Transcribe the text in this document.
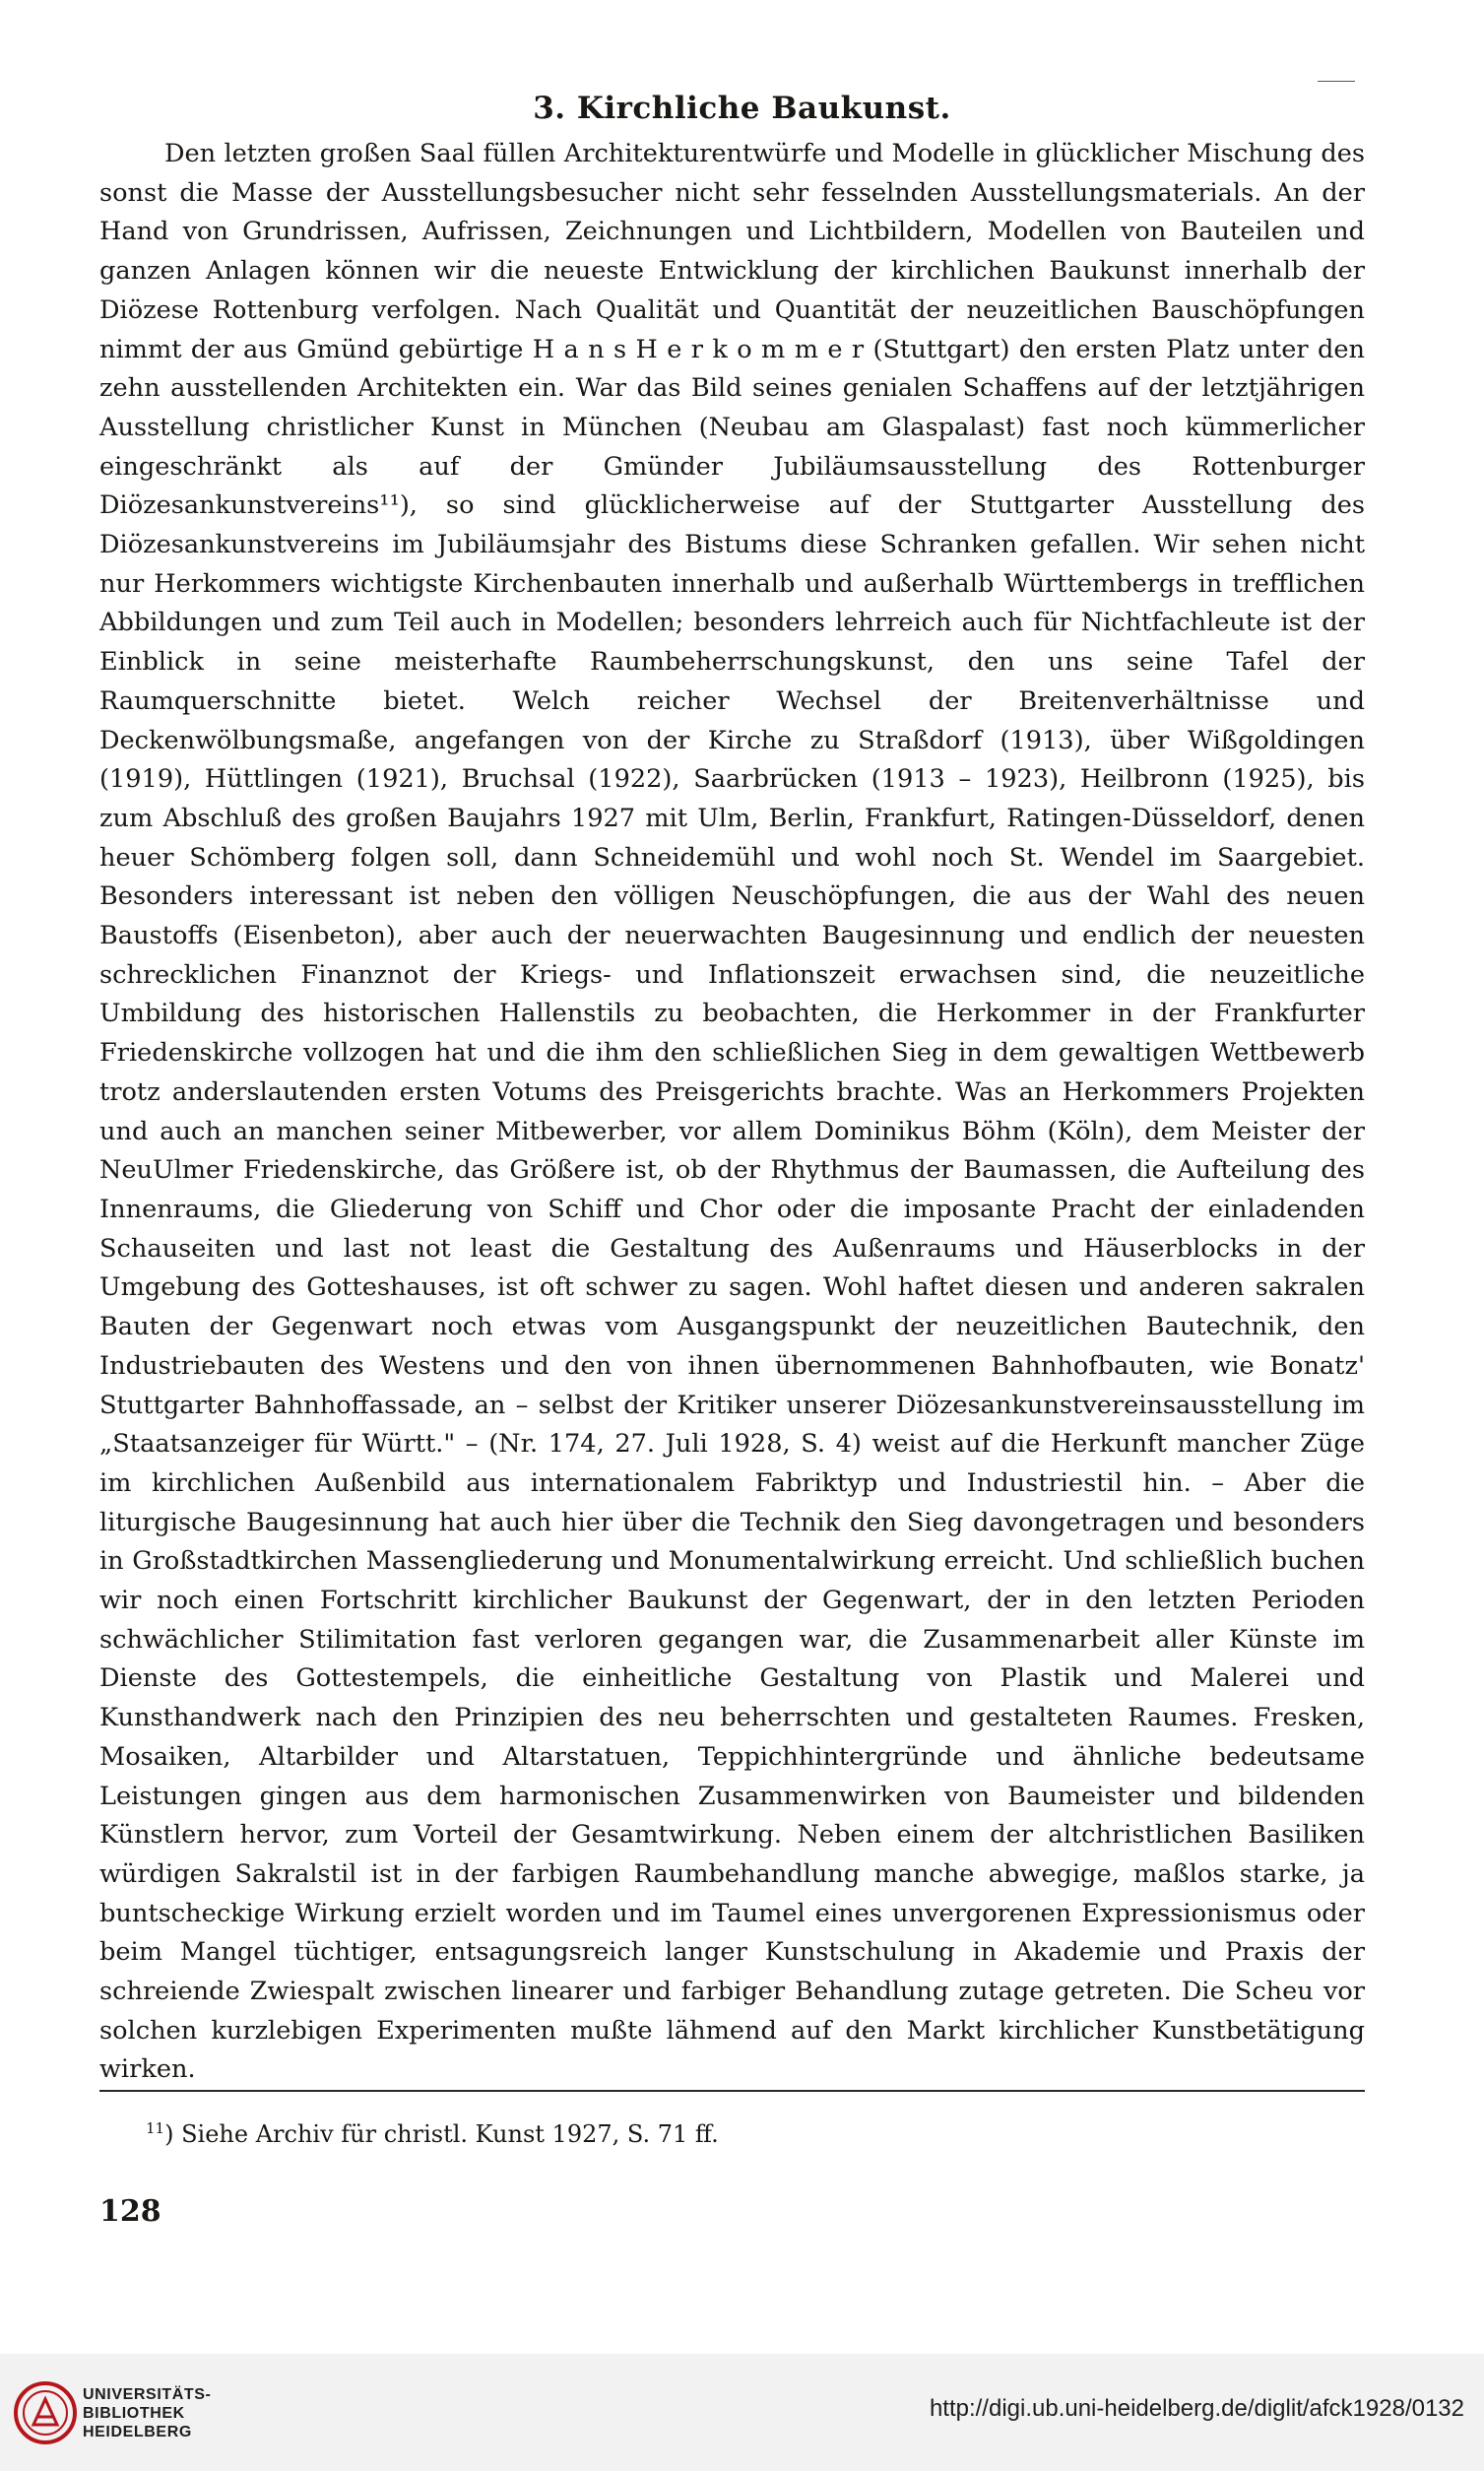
3. Kirchliche Baukunst.

Den letzten großen Saal füllen Architekturentwürfe und Modelle in glücklicher Mischung des sonst die Masse der Ausstellungsbesucher nicht sehr fesselnden Ausstellungsmaterials. An der Hand von Grundrissen, Aufrissen, Zeichnungen und Lichtbildern, Modellen von Bauteilen und ganzen Anlagen können wir die neueste Entwicklung der kirchlichen Baukunst innerhalb der Diözese Rottenburg verfolgen. Nach Qualität und Quantität der neuzeitlichen Bauschöpfungen nimmt der aus Gmünd gebürtige H a n s H e r k o m m e r (Stuttgart) den ersten Platz unter den zehn ausstellenden Architekten ein. War das Bild seines genialen Schaffens auf der letztjährigen Ausstellung christlicher Kunst in München (Neubau am Glaspalast) fast noch kümmerlicher eingeschränkt als auf der Gmünder Jubiläumsausstellung des Rottenburger Diözesankunstvereins¹¹), so sind glücklicherweise auf der Stuttgarter Ausstellung des Diözesankunstvereins im Jubiläumsjahr des Bistums diese Schranken gefallen. Wir sehen nicht nur Herkommers wichtigste Kirchenbauten innerhalb und außerhalb Württembergs in trefflichen Abbildungen und zum Teil auch in Modellen; besonders lehrreich auch für Nichtfachleute ist der Einblick in seine meisterhafte Raumbeherrschungskunst, den uns seine Tafel der Raumquerschnitte bietet. Welch reicher Wechsel der Breitenverhältnisse und Deckenwölbungsmaße, angefangen von der Kirche zu Straßdorf (1913), über Wißgoldingen (1919), Hüttlingen (1921), Bruchsal (1922), Saarbrücken (1913 – 1923), Heilbronn (1925), bis zum Abschluß des großen Baujahrs 1927 mit Ulm, Berlin, Frankfurt, Ratingen-Düsseldorf, denen heuer Schömberg folgen soll, dann Schneidemühl und wohl noch St. Wendel im Saargebiet. Besonders interessant ist neben den völligen Neuschöpfungen, die aus der Wahl des neuen Baustoffs (Eisenbeton), aber auch der neuerwachten Baugesinnung und endlich der neuesten schrecklichen Finanznot der Kriegs- und Inflationszeit erwachsen sind, die neuzeitliche Umbildung des historischen Hallenstils zu beobachten, die Herkommer in der Frankfurter Friedenskirche vollzogen hat und die ihm den schließlichen Sieg in dem gewaltigen Wettbewerb trotz anderslautenden ersten Votums des Preisgerichts brachte. Was an Herkommers Projekten und auch an manchen seiner Mitbewerber, vor allem Dominikus Böhm (Köln), dem Meister der NeuUlmer Friedenskirche, das Größere ist, ob der Rhythmus der Baumassen, die Aufteilung des Innenraums, die Gliederung von Schiff und Chor oder die imposante Pracht der einladenden Schauseiten und last not least die Gestaltung des Außenraums und Häuserblocks in der Umgebung des Gotteshauses, ist oft schwer zu sagen. Wohl haftet diesen und anderen sakralen Bauten der Gegenwart noch etwas vom Ausgangspunkt der neuzeitlichen Bautechnik, den Industriebauten des Westens und den von ihnen übernommenen Bahnhofbauten, wie Bonatz' Stuttgarter Bahnhoffassade, an – selbst der Kritiker unserer Diözesankunstvereinsausstellung im „Staatsanzeiger für Württ." – (Nr. 174, 27. Juli 1928, S. 4) weist auf die Herkunft mancher Züge im kirchlichen Außenbild aus internationalem Fabriktyp und Industriestil hin. – Aber die liturgische Baugesinnung hat auch hier über die Technik den Sieg davongetragen und besonders in Großstadtkirchen Massengliederung und Monumentalwirkung erreicht. Und schließlich buchen wir noch einen Fortschritt kirchlicher Baukunst der Gegenwart, der in den letzten Perioden schwächlicher Stilimitation fast verloren gegangen war, die Zusammenarbeit aller Künste im Dienste des Gottestempels, die einheitliche Gestaltung von Plastik und Malerei und Kunsthandwerk nach den Prinzipien des neu beherrschten und gestalteten Raumes. Fresken, Mosaiken, Altarbilder und Altarstatuen, Teppichhintergründe und ähnliche bedeutsame Leistungen gingen aus dem harmonischen Zusammenwirken von Baumeister und bildenden Künstlern hervor, zum Vorteil der Gesamtwirkung. Neben einem der altchristlichen Basiliken würdigen Sakralstil ist in der farbigen Raumbehandlung manche abwegige, maßlos starke, ja buntscheckige Wirkung erzielt worden und im Taumel eines unvergorenen Expressionismus oder beim Mangel tüchtiger, entsagungsreich langer Kunstschulung in Akademie und Praxis der schreiende Zwiespalt zwischen linearer und farbiger Behandlung zutage getreten. Die Scheu vor solchen kurzlebigen Experimenten mußte lähmend auf den Markt kirchlicher Kunstbetätigung wirken.

$^{11}$) Siehe Archiv für christl. Kunst 1927, S. 71 ff.
128
UNIVERSITÄTS-
BIBLIOTHEK
HEIDELBERG
http://digi.ub.uni-heidelberg.de/diglit/afck1928/0132
